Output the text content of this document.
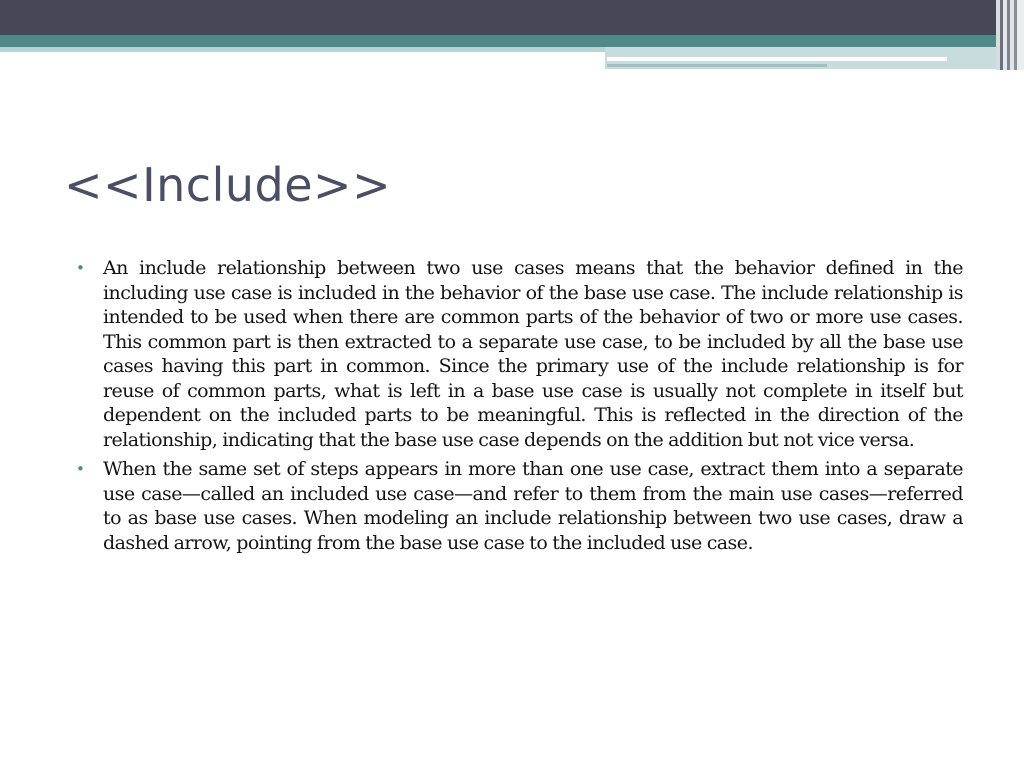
<<Include>>
• An include relationship between two use cases means that the behavior defined in the including use case is included in the behavior of the base use case. The include relationship is intended to be used when there are common parts of the behavior of two or more use cases. This common part is then extracted to a separate use case, to be included by all the base use cases having this part in common. Since the primary use of the include relationship is for reuse of common parts, what is left in a base use case is usually not complete in itself but dependent on the included parts to be meaningful. This is reflected in the direction of the relationship, indicating that the base use case depends on the addition but not vice versa.
• When the same set of steps appears in more than one use case, extract them into a separate use case—called an included use case—and refer to them from the main use cases—referred to as base use cases. When modeling an include relationship between two use cases, draw a dashed arrow, pointing from the base use case to the included use case.
